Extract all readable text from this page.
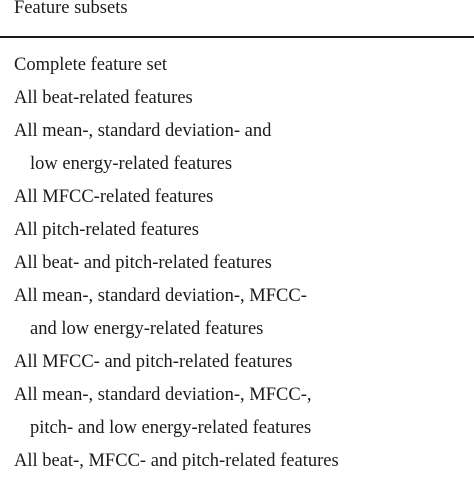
Feature subsets
Complete feature set
All beat-related features
All mean-, standard deviation- and
low energy-related features
All MFCC-related features
All pitch-related features
All beat- and pitch-related features
All mean-, standard deviation-, MFCC-
and low energy-related features
All MFCC- and pitch-related features
All mean-, standard deviation-, MFCC-,
pitch- and low energy-related features
All beat-, MFCC- and pitch-related features
